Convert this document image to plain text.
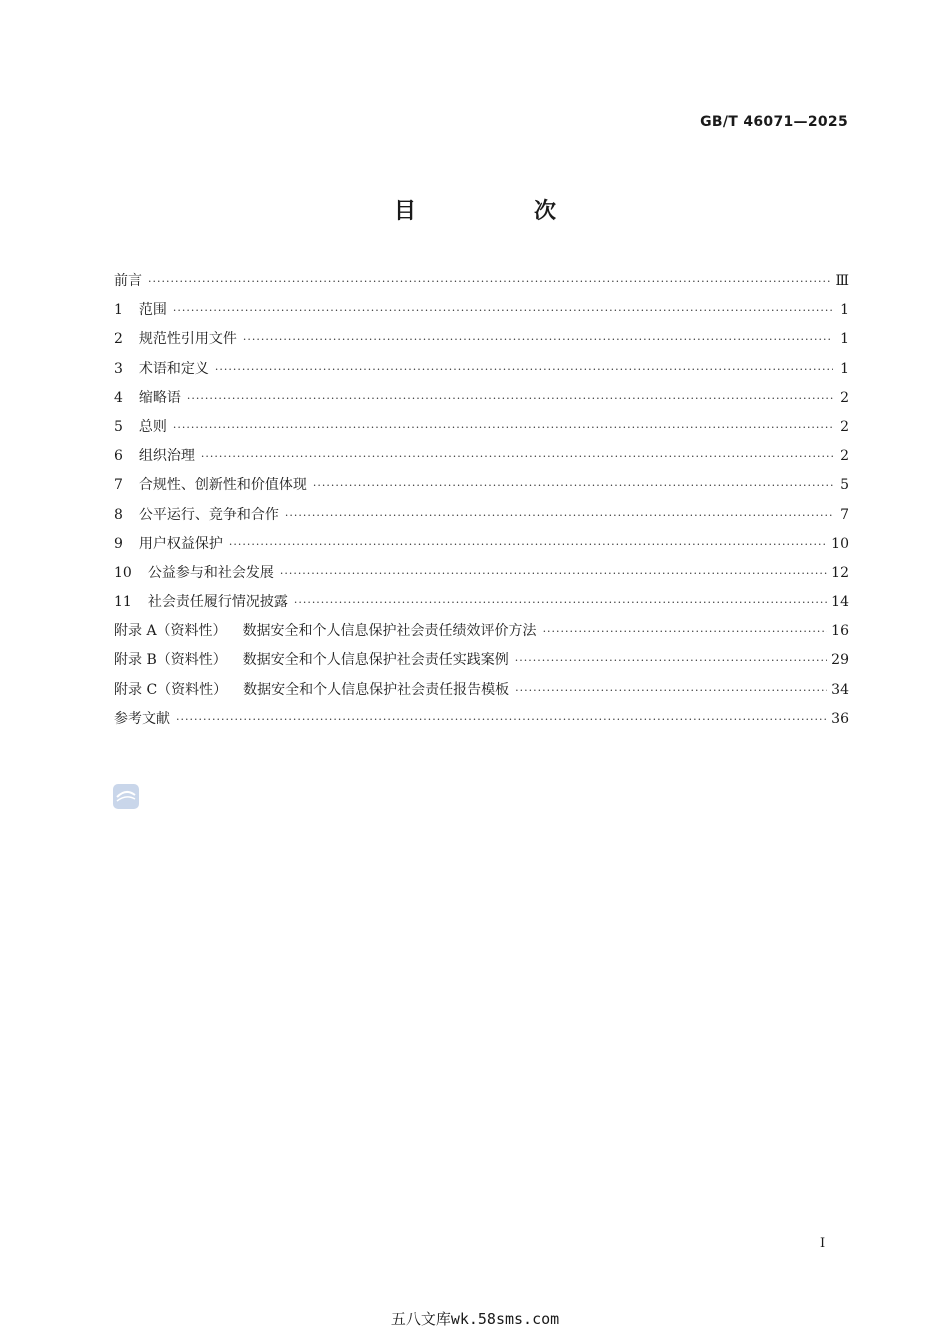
GB/T 46071—2025
目　次
前言 ·····	Ⅲ
1 范围 ·····	1
2 规范性引用文件 ·····	1
3 术语和定义 ·····	1
4 缩略语 ·····	2
5 总则 ·····	2
6 组织治理 ·····	2
7 合规性、创新性和价值体现 ·····	5
8 公平运行、竞争和合作 ·····	7
9 用户权益保护 ·····	10
10 公益参与和社会发展 ·····	12
11 社会责任履行情况披露 ·····	14
附录 A（资料性） 数据安全和个人信息保护社会责任绩效评价方法 ·····	16
附录 B（资料性） 数据安全和个人信息保护社会责任实践案例 ·····	29
附录 C（资料性） 数据安全和个人信息保护社会责任报告模板 ·····	34
参考文献 ·····	36
Ⅰ
五八文库wk.58sms.com
